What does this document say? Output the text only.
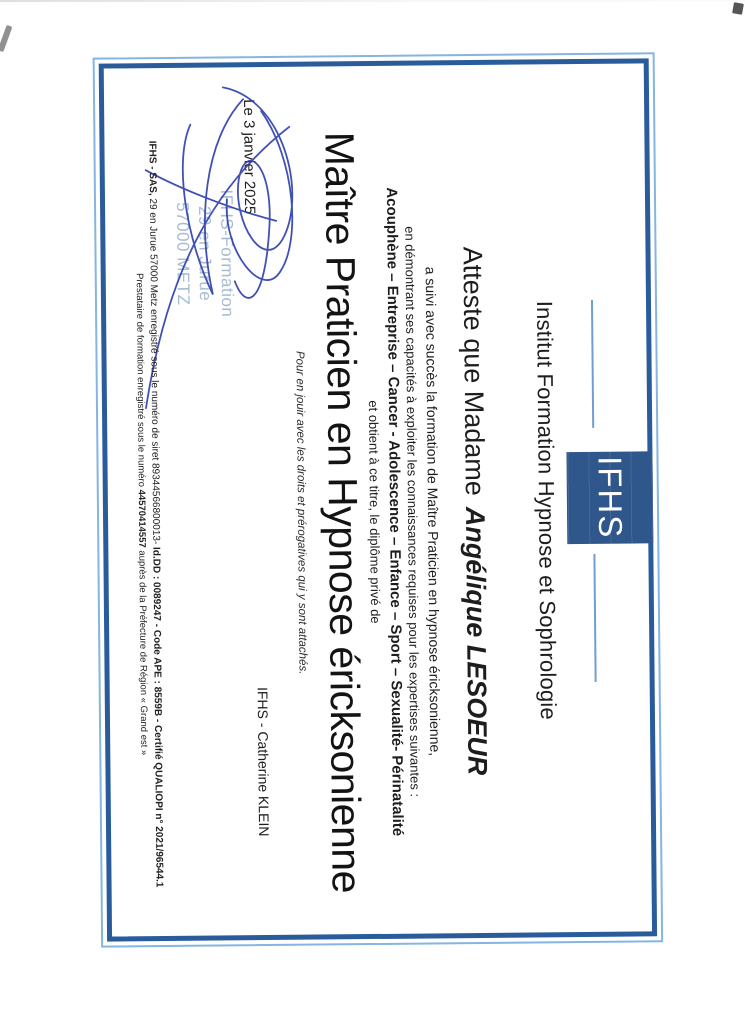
IFHS
Institut Formation Hypnose et Sophrologie
Atteste que MadameAngélique LESOEUR
a suivi avec succès la formation de Maître Praticien en hypnose éricksonienne,
en démontrant ses capacités à exploiter les connaissances requises pour les expertises suivantes :
Acouphène – Entreprise – Cancer - Adolescence – Enfance – Sport – Sexualité- Périnatalité
et obtient à ce titre, le diplôme privé de
Maître Praticien en Hypnose éricksonienne
Pour en jouir avec les droits et prérogatives qui y sont attachés.
Le 3 janvier 2025
IFHS-Formation
29 en Jurue
57000 METZ
IFHS - Catherine KLEIN
IFHS - SAS, 29 en Jurue 57000 Metz enregistré sous le numéro de siret 89344566800013- Id.DD : 0089247 - Code APE : 8559B - Certifié QUALIOPI n° 2021/96544.1
Prestataire de formation enregistré sous le numéro 44570414557 auprès de la Préfecture de Région « Grand est »
